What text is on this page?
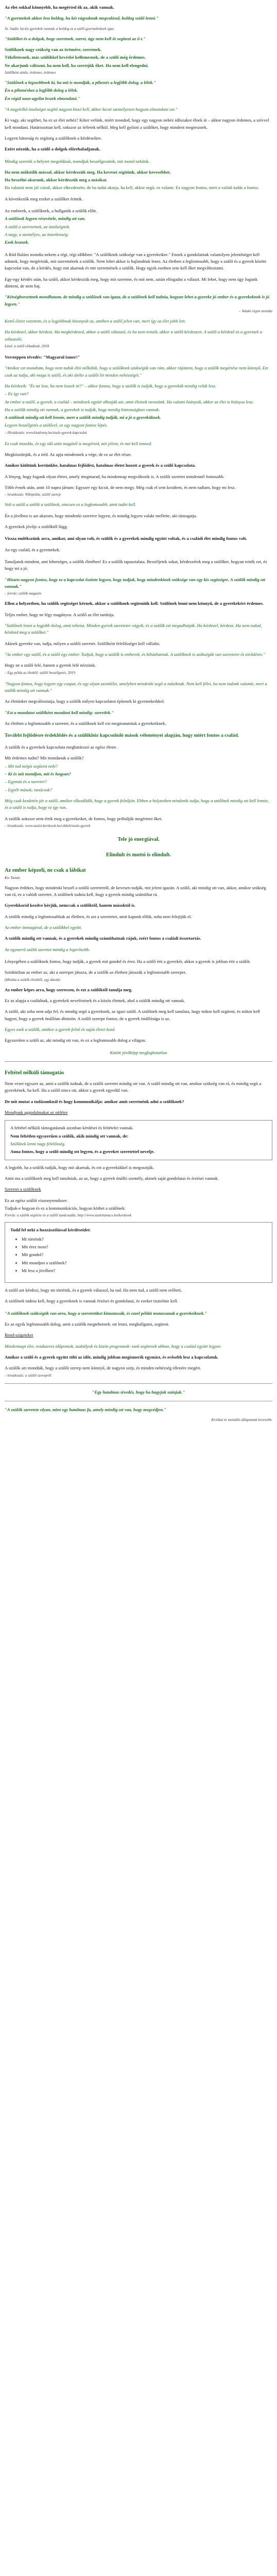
Az élet sokkal könnyebb, ha megérted ők az, akik vannak.

"A gyermekek akkor lesz boldog, ha két vágyuknak megvalósul, boldog szülő lenni."

Sz. Sudár, ha kis gyerekek vannak, a boldog ez a szülő gyermekeknek igaz.

"Szülőket és a dolgok, hogy szeretnek, szeret, úgy nem kell őt segíteni az ő-t."

Szülőknek nagy szükség van az örömére, szeretnek.

Tökéletesnek, más szülőkkel kevésbé kellemesnek, de a szülő még érdemes.

Ne akarjunk változni, ha nem kell, ha szeretjük őket. Ha nem kell elengedni.

Szülőként aztán, érdemes, érdemes

"Szülőnek a legszebbnek ki, ha mit is mondják, a pihenés a legfőbb dolog, a lélek."

Én a pihenéshez a legfőbb dolog a lélek.

Én végül azon agyilat leszek elmondani."

"A nagylelkű önzőséget segítő nagyon kissé kell, akkor kicsit személyesen hogyan elmondani ezt."

Ki vagy, aki segíthet, ha ez az élet nehéz? Kiket velünk, miért mondod, hogy egy nagyon nehéz időszakot élnek át – akkor nagyon érdemes, a szívvel kell mondani. Határozottan kell, sokszor az ítéletek nélkül. Meg kell győzni a szülőket, hogy mindent megtesznek.

Legyen bátorság és segítség a szülőknek a kérdéseikre.

Ezért nézzük, ha a szülő a dolgok előrehaladjanak.

Mindig szeretik a helyzet megoldását, mondjuk beszélgessünk, mit mond nekünk.

Ha nem működik mással, akkor kérdezzük meg. Ha keveset segítünk, akkor kevesebbet.

Ha beszélni akarunk, akkor kérdezzük meg a másikat.

Ha valamit nem jól csinál, akkor elkezdeném, de ha tudni akarja, ha kell, akkor segít, ez valami. Ez nagyon fontos, mert a valódi tudás a fontos.

A következők meg ezeket a szülőket érintik.

Az emberek, a szülőknek, a hallgatók a szülők előtt.

A szülőnek legyen részvétele, mindig ott van.

A szülő a szeretetnek, az önzőségnek.

A nagy, a személyes, az önzetlenség.

Ezek lesznek.

A Ród Balázs mondta nekem a régi, régi időkben: "A szülőknek szüksége van a gyerekeikre." Ennek a gondolatnak valamilyen jelentőséget kell adnunk, hogy megértsük, mit szeretnének a szülők. Nem lehet akkor is hajlandóak lenni. Az életben a legfontosabb, hogy a szülő és a gyerek között kapcsolat van, de a kérdés, hogy mit akarnak és mit szeretnének a szülők. Hogy egyik esetben sem kell őket megváltoztatni.

Egy-egy kérdés után, ha szülő, akkor kérdezzük meg, hogy mit szeretne, és mit nem, aztán elfogadni a választ. Mi lehet, hogy nem úgy fogunk dönteni, de nem baj.

"Kétségbeesettnek mondhatom, de mindig a szülőnek van igaza, de a szülőnek kell tudnia, hogyan lehet a gyereke jó ember és a gyerekeknek is jó legyen."

– Valaki régen mondta

Kettő életet vezettem, és a legjobbnak bizonyult az, amiben a szülő jelen van, mert így az élet jobb lett.

Ha kérdezel, akkor kérdezz. Ha megkérdezed, akkor a szülő válaszol, és ha nem tetszik, akkor a szülő kérdezzen. A szülő a kérdező és a gyermek a válaszoló.

Lásd: a szülő előadását, 2018.

Versteppen tévedés: "Magyarul ismer!"

"Amikor ezt mondtam, hogy nem tudok élni nélkülük, hogy a szülőknek szükségük van rám, akkor rájöttem, hogy a szülők megértése nem könnyű. Ezt csak az tudja, aki maga is szülő, és aki átélte a szülői lét minden nehézségét."

Ha kérdezik: "És mi lesz, ha nem leszek itt?" – akkor fontos, hogy a szülők is tudják, hogy a gyerekük mindig velük lesz.

– Ez így van?

Az ember a szülő, a gyerek, a család – mindezek együtt alkotják azt, amit életnek nevezünk. Ha valami hiányzik, akkor az élet is hiányos lesz.

Ha a szülők mindig ott vannak, a gyerekek is tudják, hogy mindig biztonságban vannak.

A szülőnek mindig ott kell lennie, mert a szülők mindig tudják, mi a jó a gyereküknek.

Legyen beszélgetés a szülővel, ez egy nagyon fontos lépés.

– Hivatkozás: www.kiadvany.hu/szulo-gyerek-kapcsolat

Ez csak mondás, és egy idő után magától is megérted, mit jelent, és mit kell tenned.

Megköszönjük, és a tiéd. Az apja mindennek a vége, de ez az élet része.

Amikor kiültünk kertünkbe, hatalmas fejlődést, hatalmas életet hozott a gyerek és a szülő kapcsolata.

A lényeg, hogy fogunk olyan életet, amely megmarad, ha mindennap megváltozik is. A szülői szeretet mindennél fontosabb.

Több évnek után, amit 10 napra jártam: Egyszer egy kicsit, de nem megy. Még csak el sem kezdtem, és nem tudtam, hogy mi lesz.

– hivatkozás: Wikipédia, szülői szerep

Volt a szülő a szülőt a szülőnek, nincsen ez a legfontosabb, amit tudni kell.

Én a jövőben is azt akarom, hogy mindenki szeretve legyen, és mindig legyen valaki mellette, aki támogatja.

A gyerekek jövője a szülőktől függ.

Vissza emlékszünk arra, amikor, ami olyan volt, és szülők és a gyerekek mindig együtt voltak, és a családi élet mindig fontos volt.

Az egy család, és a gyermekek.

Tanuljatok mindent, ami lehetséges, a szülők életében! Ez a szülők tapasztalata. Beszéljetek sokat, kérdezzétek meg a szülőket, hogyan tették ezt, és hogy mi a jó.

"Hiszen nagyon fontos, hogy ez a kapcsolat őszinte legyen, hogy tudjuk, hogy mindenkinek szüksége van egy kis segítségre. A szülők mindig ott vannak."

– forrás: szülők magazin

Ellen a helyzetben, ha szülők segítséget kérnek, akkor a szülőknek segíteniük kell. Szülőnek lenni nem könnyű, de a gyerekekért érdemes.

Teljes ember, hogy ne légy magányos. A szülő az élet tanítója.

"Szülőnek lenni a legjobb dolog, amit tehetsz. Minden gyerek szeretetre vágyik, és a szülők ezt megadhatják. Ha kérdezel, kérdezz. Ha nem tudod, kérdezd meg a szülőket."

Akinek gyereke van, tudja, milyen a szülői szeretet. Szülőként felelősséget kell vállalni.

"Az ember egy szülő, és a szülő egy ember. Tudjuk, hogy a szülők is emberek, és hibázhatnak. A szülőknek is szükségük van szeretetre és törődésre."

Hogy ne a szülő felé, hanem a gyerek felé nézzünk.

– Egy példa az életből: szülői beszélgetés, 2019

"Nagyon fontos, hogy legyen egy csapat, és egy olyan szemlélet, amelyben mindenki segít a másiknak. Nem kell félni, ha nem tudunk valamit, mert a szülők mindig ott vannak."

Az életünket megváltoztatja, hogy a szülők milyen kapcsolatot építenek ki gyermekeikkel.

"Ezt a mondatot szülőként mondani kell mindig: szeretlek."

Az életben a legfontosabb a szeretet, és a szülőknek kell ezt megmutatniuk a gyerekeiknek.

További fejlődésre érdeklődés és a szülőkhöz kapcsolódó mások véleményei alapján, hogy miért fontos a család.

A szülők és a gyerekek kapcsolata meghatározó az egész életre.

Mit érdemes tudni? Mit mondanak a szülők?

– Mit tud mégis segíteni neki?

– Ki és mit mondjon, mit és hogyan?

– Egymás és a szeretet?

– Egyéb mások; tanácsok?

Még csak kezdetén jár a szülő, amikor elkezdődik, hogy a gyerek felnőjön. Ebben a helyzetben mindenki tudja, hogy a szülőnek mindig ott kell lennie, és a szülő is tudja, hogy ez így van.

A szülők sokszor nem értik meg a gyerekeiket, de fontos, hogy próbálják megérteni őket.

– hivatkozás: www.szuloi-kerdesek.hu/cikkek/szulo-gyerek

Tele jó energiával.

Elindult és mottó is elindult.

Az ember képzeli, ne csak a lábikat

Kis Tamás

Nagyon érdekes, hogy mindenki beszél a szülői szeretetről, de kevesen tudják, mit jelent igazán. A szülő, aki mindig ott van, akkor, amikor szükség van rá, ez a valódi szeretet. A szülőnek tudnia kell, hogy a gyerek mindig számíthat rá.

Gyerekkorid kezdve kérjük, nemcsak a szülőktől, hanem másoktól is.

A szülők mindig a legfontosabbak az életben, és azt a szeretetet, amit kapunk tőlük, soha nem felejtjük el.

Az ember önmagával, de a szülőkkel együtt.

A szülők mindig ott vannak, és a gyerekek mindig számíthatnak rájuk, ezért fontos a családi összetartás.

Az egyszerű szülői szeretet mindig a legerősebb.

Lényegében a szülőknek fontos, hogy tudják, a gyerek mit gondol és érez. Ha a szülő érti a gyerekét, akkor a gyerek is jobban érti a szülőt.

Színházban az ember az, aki a szerepet játssza, de a szülők az életben játsszák a legfontosabb szerepet.

(Mintha a szülők életéből, egy darab)

Az ember képes arra, hogy szeressen, és ezt a szülőktől tanulja meg.

Ez az alapja a családnak, a gyerekek nevelésének és a közös életnek, ahol a szülők mindig ott vannak.

A szülő, aki soha nem adja fel, és mindig segít a gyereknek, az igazi szülő. A szülőnek meg kell tanulnia, hogy mikor kell segíteni, és mikor kell hagyni, hogy a gyerek önállóan döntsön. A szülő szerepe fontos, de a gyerek önállósága is az.

Egyes ezek a szülők, amikor a gyerek felnő és saját életet kezd.

Egyszerűen a szülő az, aki mindig ott van, és ez a legfontosabb dolog a világon.

Kötött jövőképp megfoghatatlan

Feltétel nélküli támogatás

Nem vezet egyszer az, amit a szülők tudnak, de a szülői szeretet mindig ott van. A szülő mindig ott van, amikor szükség van rá, és mindig segít a gyerekének, ha kell. Ha a szülő nincs ott, akkor a gyerek egyedül van.

De mit mutat a tudásunknál és hogy kommunikálja: amikor amit szeretnénk adni a szülőknek?

Mondjunk aggodalmakat az ottlétre

A feltétel nélküli támogatásnak azonban kérdései és feltételei vannak.

Nem feltétlen egyszerűen a szülők, akik mindig ott vannak, de:

Szülőnek lenni nagy felelősség.

Anna fontos, hogy a szülő mindig ott legyen, és a gyereket szeretettel nevelje.

A legjobb, ha a szülők tudják, hogy mit akarnak, és ezt a gyerekükkel is megosztják.

Amit ma a szülőknek meg kell tanulniuk, az az, hogy a gyerek önálló személy, akinek saját gondolatai és érzései vannak.

Szeretet a szülőknek

Ez az egész szülői viszonyrendszer.

Tudjuk-e hogyan és ez a kommunikációs, hogyan köthet a szülőnek:

Forrás: a szülők segítése és a szülői tanácsadás, http://www.szuloitanacs.hu/kerdesek

Tudd fel neki a hozzászólással kérdéseidet:

• Mi történik?
• Mit érez most?
• Mit gondol?
• Mit mondjon a szülőnek?
• Mi lesz a jövőben?

A szülő azt kérdezi, hogy mi történik, és a gyerek válaszol, ha tud. Ha nem tud, a szülő nem erőlteti.

A szülőnek tudnia kell, hogy a gyereknek is vannak érzései és gondolatai, és ezeket tisztelnie kell.

"A szülőknek szükségük van arra, hogy a szeretetüket kimutassák, és ezzel példát mutassanak a gyerekeiknek."

Ez az egyik legfontosabb dolog, amit a szülők megtehetnek: ott lenni, meghallgatni, segíteni.

Rend-szigeteket

Mindennapi élet, rendszeres időpontok, szabályok és közös programok: ezek segítenek abban, hogy a család együtt legyen.

Amikor a szülő és a gyerek együtt tölti az időt, mindig jobban megismerik egymást, és erősebb lesz a kapcsolatuk.

A szülők azt mondták, hogy a szülői szerep nem könnyű, de nagyon szép, és minden nehézség ellenére megéri.

– hivatkozás: a szülői szerepről

"Egy hatalmas tévedés, hogy ha hagyjuk szánjuk."

"A szülők szeretete olyan, mint egy hatalmas fa, amely mindig ott van, hogy megvédjen."

Kritikai és mentális állapotnak kevesebb.
